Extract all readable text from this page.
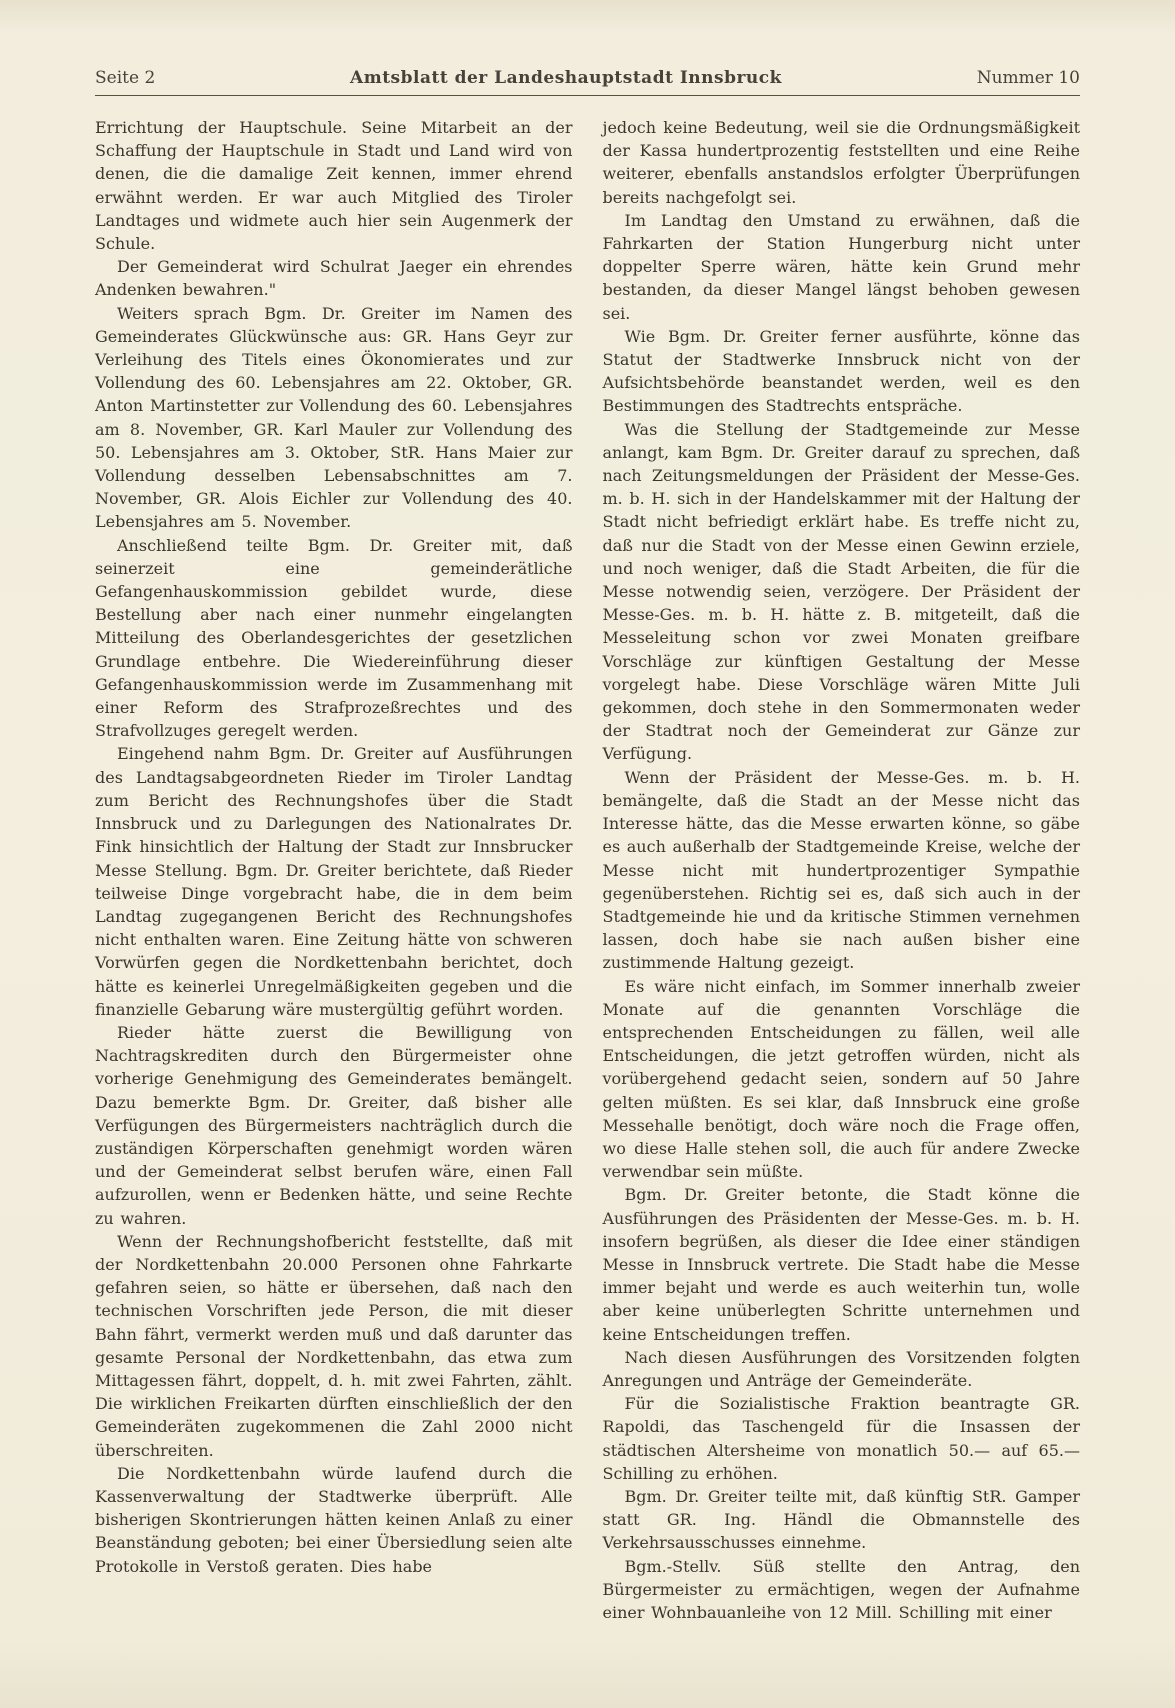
Seite 2	Amtsblatt der Landeshauptstadt Innsbruck	Nummer 10

Errichtung der Hauptschule. Seine Mitarbeit an der Schaffung der Hauptschule in Stadt und Land wird von denen, die die damalige Zeit kennen, immer ehrend erwähnt werden. Er war auch Mitglied des Tiroler Landtages und widmete auch hier sein Augenmerk der Schule.

Der Gemeinderat wird Schulrat Jaeger ein ehrendes Andenken bewahren."

Weiters sprach Bgm. Dr. Greiter im Namen des Gemeinderates Glückwünsche aus: GR. Hans Geyr zur Verleihung des Titels eines Ökonomierates und zur Vollendung des 60. Lebensjahres am 22. Oktober, GR. Anton Martinstetter zur Vollendung des 60. Lebensjahres am 8. November, GR. Karl Mauler zur Vollendung des 50. Lebensjahres am 3. Oktober, StR. Hans Maier zur Vollendung desselben Lebensabschnittes am 7. November, GR. Alois Eichler zur Vollendung des 40. Lebensjahres am 5. November.

Anschließend teilte Bgm. Dr. Greiter mit, daß seinerzeit eine gemeinderätliche Gefangenhauskommission gebildet wurde, diese Bestellung aber nach einer nunmehr eingelangten Mitteilung des Oberlandesgerichtes der gesetzlichen Grundlage entbehre. Die Wiedereinführung dieser Gefangenhauskommission werde im Zusammenhang mit einer Reform des Strafprozeßrechtes und des Strafvollzuges geregelt werden.

Eingehend nahm Bgm. Dr. Greiter auf Ausführungen des Landtagsabgeordneten Rieder im Tiroler Landtag zum Bericht des Rechnungshofes über die Stadt Innsbruck und zu Darlegungen des Nationalrates Dr. Fink hinsichtlich der Haltung der Stadt zur Innsbrucker Messe Stellung. Bgm. Dr. Greiter berichtete, daß Rieder teilweise Dinge vorgebracht habe, die in dem beim Landtag zugegangenen Bericht des Rechnungshofes nicht enthalten waren. Eine Zeitung hätte von schweren Vorwürfen gegen die Nordkettenbahn berichtet, doch hätte es keinerlei Unregelmäßigkeiten gegeben und die finanzielle Gebarung wäre mustergültig geführt worden.

Rieder hätte zuerst die Bewilligung von Nachtragskrediten durch den Bürgermeister ohne vorherige Genehmigung des Gemeinderates bemängelt. Dazu bemerkte Bgm. Dr. Greiter, daß bisher alle Verfügungen des Bürgermeisters nachträglich durch die zuständigen Körperschaften genehmigt worden wären und der Gemeinderat selbst berufen wäre, einen Fall aufzurollen, wenn er Bedenken hätte, und seine Rechte zu wahren.

Wenn der Rechnungshofbericht feststellte, daß mit der Nordkettenbahn 20.000 Personen ohne Fahrkarte gefahren seien, so hätte er übersehen, daß nach den technischen Vorschriften jede Person, die mit dieser Bahn fährt, vermerkt werden muß und daß darunter das gesamte Personal der Nordkettenbahn, das etwa zum Mittagessen fährt, doppelt, d. h. mit zwei Fahrten, zählt. Die wirklichen Freikarten dürften einschließlich der den Gemeinderäten zugekommenen die Zahl 2000 nicht überschreiten.

Die Nordkettenbahn würde laufend durch die Kassenverwaltung der Stadtwerke überprüft. Alle bisherigen Skontrierungen hätten keinen Anlaß zu einer Beanständung geboten; bei einer Übersiedlung seien alte Protokolle in Verstoß geraten. Dies habe

jedoch keine Bedeutung, weil sie die Ordnungsmäßigkeit der Kassa hundertprozentig feststellten und eine Reihe weiterer, ebenfalls anstandslos erfolgter Überprüfungen bereits nachgefolgt sei.

Im Landtag den Umstand zu erwähnen, daß die Fahrkarten der Station Hungerburg nicht unter doppelter Sperre wären, hätte kein Grund mehr bestanden, da dieser Mangel längst behoben gewesen sei.

Wie Bgm. Dr. Greiter ferner ausführte, könne das Statut der Stadtwerke Innsbruck nicht von der Aufsichtsbehörde beanstandet werden, weil es den Bestimmungen des Stadtrechts entspräche.

Was die Stellung der Stadtgemeinde zur Messe anlangt, kam Bgm. Dr. Greiter darauf zu sprechen, daß nach Zeitungsmeldungen der Präsident der Messe-Ges. m. b. H. sich in der Handelskammer mit der Haltung der Stadt nicht befriedigt erklärt habe. Es treffe nicht zu, daß nur die Stadt von der Messe einen Gewinn erziele, und noch weniger, daß die Stadt Arbeiten, die für die Messe notwendig seien, verzögere. Der Präsident der Messe-Ges. m. b. H. hätte z. B. mitgeteilt, daß die Messeleitung schon vor zwei Monaten greifbare Vorschläge zur künftigen Gestaltung der Messe vorgelegt habe. Diese Vorschläge wären Mitte Juli gekommen, doch stehe in den Sommermonaten weder der Stadtrat noch der Gemeinderat zur Gänze zur Verfügung.

Wenn der Präsident der Messe-Ges. m. b. H. bemängelte, daß die Stadt an der Messe nicht das Interesse hätte, das die Messe erwarten könne, so gäbe es auch außerhalb der Stadtgemeinde Kreise, welche der Messe nicht mit hundertprozentiger Sympathie gegenüberstehen. Richtig sei es, daß sich auch in der Stadtgemeinde hie und da kritische Stimmen vernehmen lassen, doch habe sie nach außen bisher eine zustimmende Haltung gezeigt.

Es wäre nicht einfach, im Sommer innerhalb zweier Monate auf die genannten Vorschläge die entsprechenden Entscheidungen zu fällen, weil alle Entscheidungen, die jetzt getroffen würden, nicht als vorübergehend gedacht seien, sondern auf 50 Jahre gelten müßten. Es sei klar, daß Innsbruck eine große Messehalle benötigt, doch wäre noch die Frage offen, wo diese Halle stehen soll, die auch für andere Zwecke verwendbar sein müßte.

Bgm. Dr. Greiter betonte, die Stadt könne die Ausführungen des Präsidenten der Messe-Ges. m. b. H. insofern begrüßen, als dieser die Idee einer ständigen Messe in Innsbruck vertrete. Die Stadt habe die Messe immer bejaht und werde es auch weiterhin tun, wolle aber keine unüberlegten Schritte unternehmen und keine Entscheidungen treffen.

Nach diesen Ausführungen des Vorsitzenden folgten Anregungen und Anträge der Gemeinderäte.

Für die Sozialistische Fraktion beantragte GR. Rapoldi, das Taschengeld für die Insassen der städtischen Altersheime von monatlich 50.— auf 65.— Schilling zu erhöhen.

Bgm. Dr. Greiter teilte mit, daß künftig StR. Gamper statt GR. Ing. Händl die Obmannstelle des Verkehrsausschusses einnehme.

Bgm.-Stellv. Süß stellte den Antrag, den Bürgermeister zu ermächtigen, wegen der Aufnahme einer Wohnbauanleihe von 12 Mill. Schilling mit einer
